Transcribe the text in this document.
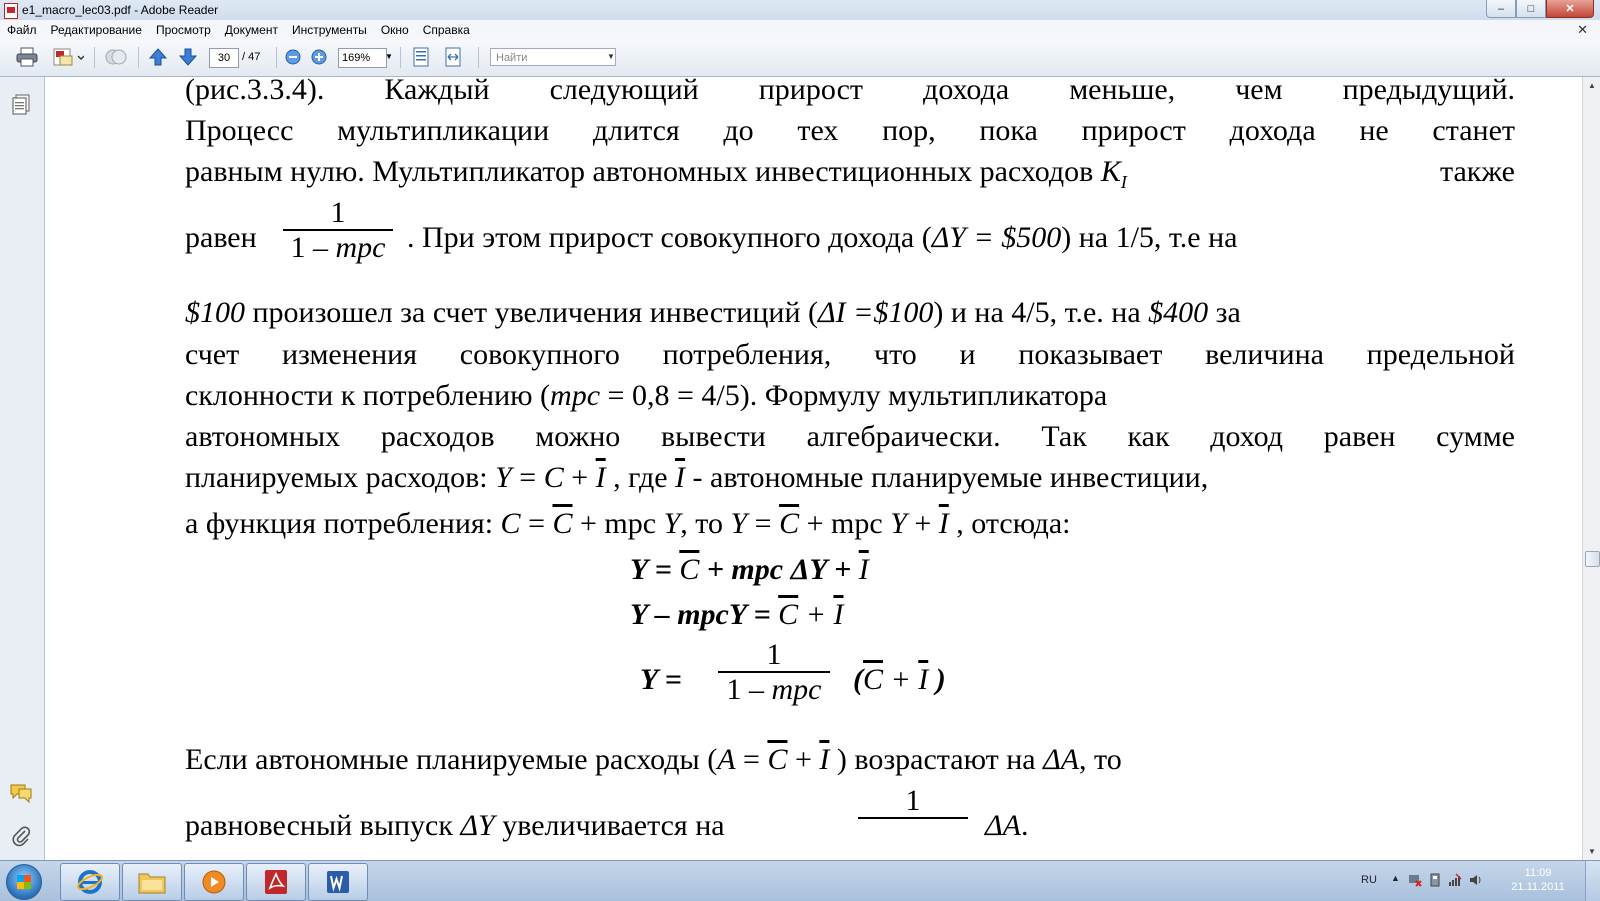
e1_macro_lec03.pdf - Adobe Reader	–	□	✕
Файл	Редактирование	Просмотр	Документ	Инструменты	Окно	Справка	✕
30	/ 47	169%	▼	Найти	▼
(рис.3.3.4). Каждый следующий прирост дохода меньше, чем предыдущий.
Процесс мультипликации длится до тех пор, пока прирост дохода не станет
равным нулю. Мультипликатор автономных инвестиционных расходов $K_I$	также
равен
1
1 – mpc . При этом прирост совокупного дохода (ΔY = $500) на 1/5, т.е на
$100 произошел за счет увеличения инвестиций (ΔI =$100) и на 4/5, т.е. на $400 за
счет изменения совокупного потребления, что и показывает величина предельной
склонности к потреблению (mpc = 0,8 = 4/5). Формулу мультипликатора
автономных расходов можно вывести алгебраически. Так как доход равен сумме
планируемых расходов: $Y = C + \overline{I}$ , где $\overline{I}$ - автономные планируемые инвестиции,
а функция потребления: $C = \overline{C}$ + mpc Y, то $Y = \overline{C}$ + mpc $Y + \overline{I}$ , отсюда:
$Y = \overline{C}$ + mpc $\Delta Y + \overline{I}$
Y – mpcY = $\overline{C} + \overline{I}$
Y =
1
1 – mpc ($\overline{C} + \overline{I}$ )
Если автономные планируемые расходы ($A = \overline{C} + \overline{I}$ ) возрастают на ΔA, то
равновесный выпуск ΔY увеличивается на
1
ΔA.
▲
▼
RU ▲	11:09
21.11.2011
